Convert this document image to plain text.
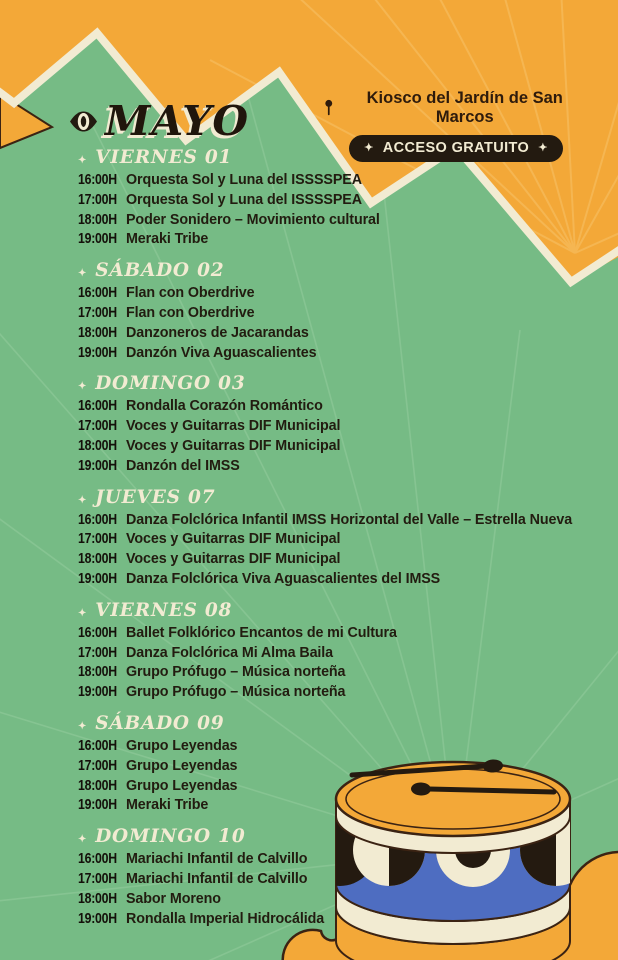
MAYO	Kiosco del Jardín de San Marcos
✦ ACCESO GRATUITO ✦
✦ VIERNES 01
16:00H Orquesta Sol y Luna del ISSSSPEA
17:00H Orquesta Sol y Luna del ISSSSPEA
18:00H Poder Sonidero – Movimiento cultural
19:00H Meraki Tribe
✦ SÁBADO 02
16:00H Flan con Oberdrive
17:00H Flan con Oberdrive
18:00H Danzoneros de Jacarandas
19:00H Danzón Viva Aguascalientes
✦ DOMINGO 03
16:00H Rondalla Corazón Romántico
17:00H Voces y Guitarras DIF Municipal
18:00H Voces y Guitarras DIF Municipal
19:00H Danzón del IMSS
✦ JUEVES 07
16:00H Danza Folclórica Infantil IMSS Horizontal del Valle – Estrella Nueva
17:00H Voces y Guitarras DIF Municipal
18:00H Voces y Guitarras DIF Municipal
19:00H Danza Folclórica Viva Aguascalientes del IMSS
✦ VIERNES 08
16:00H Ballet Folklórico Encantos de mi Cultura
17:00H Danza Folclórica Mi Alma Baila
18:00H Grupo Prófugo – Música norteña
19:00H Grupo Prófugo – Música norteña
✦ SÁBADO 09
16:00H Grupo Leyendas
17:00H Grupo Leyendas
18:00H Grupo Leyendas
19:00H Meraki Tribe
✦ DOMINGO 10
16:00H Mariachi Infantil de Calvillo
17:00H Mariachi Infantil de Calvillo
18:00H Sabor Moreno
19:00H Rondalla Imperial Hidrocálida
